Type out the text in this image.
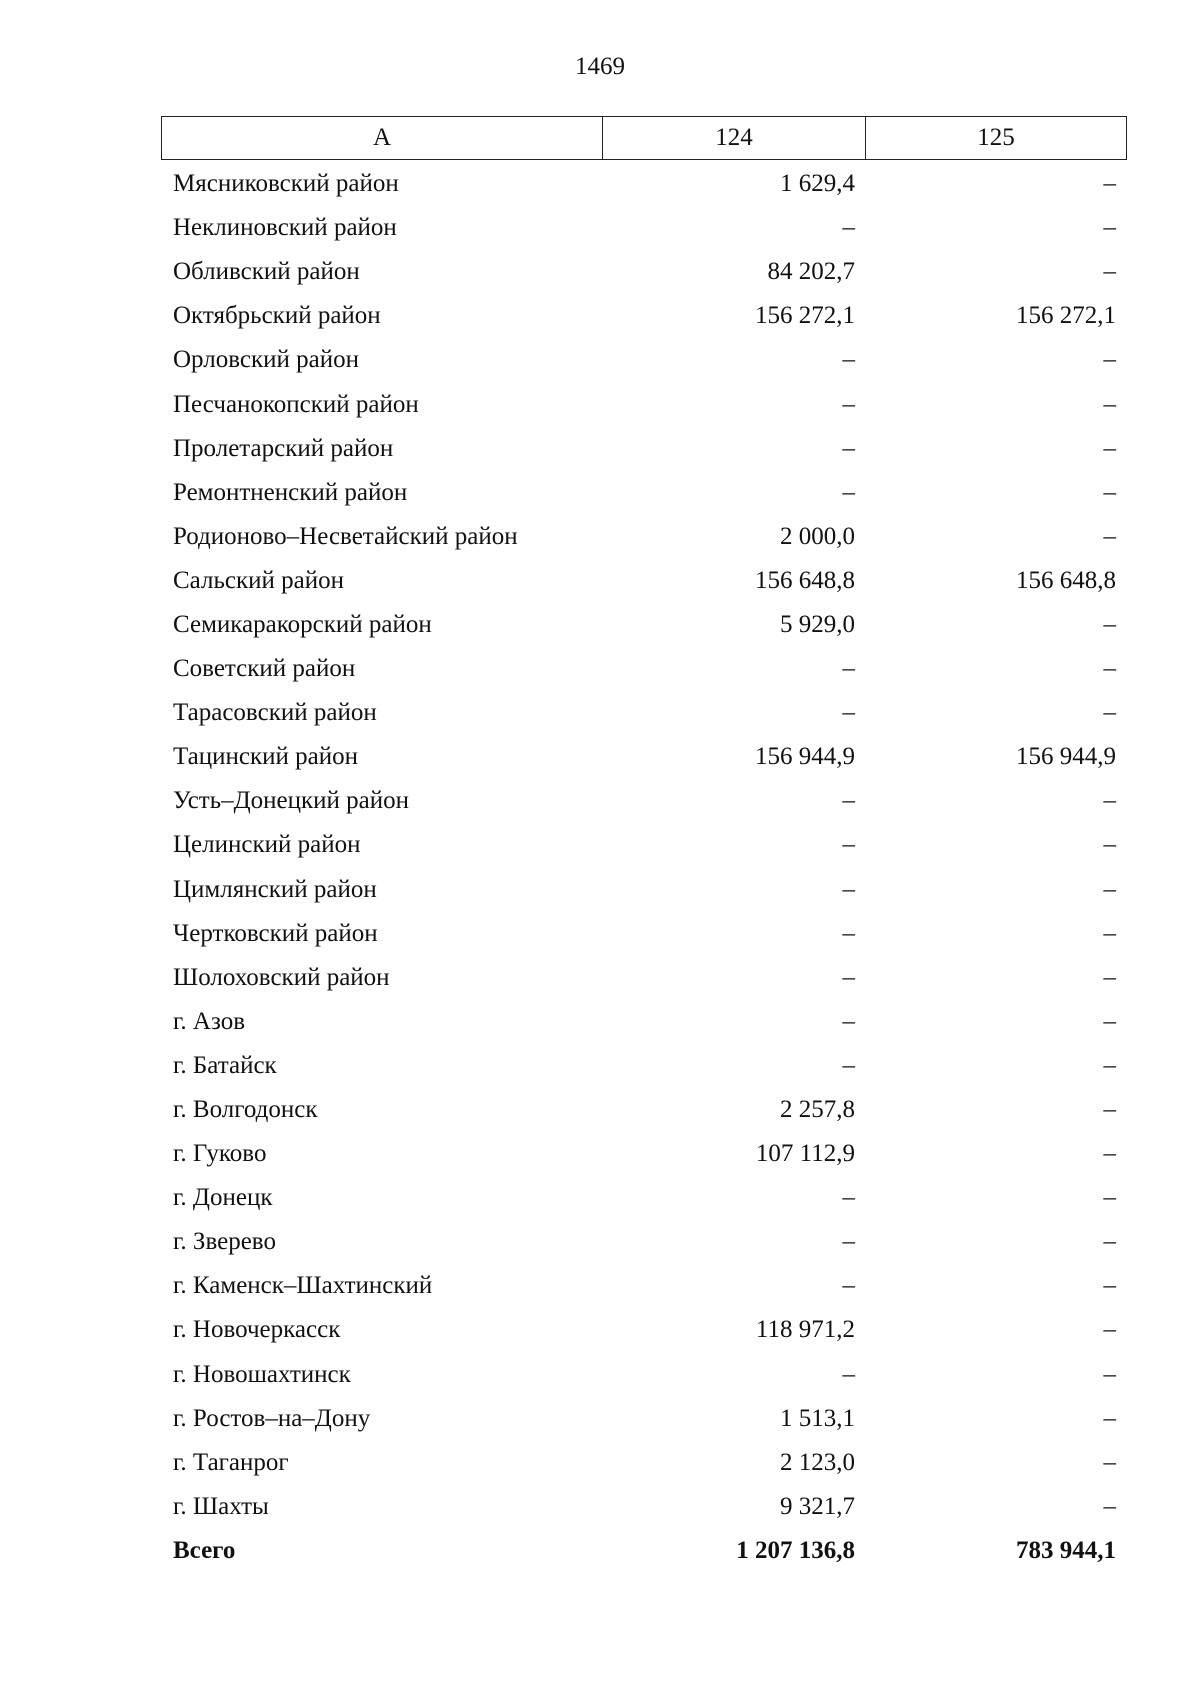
1469
А	124	125
Мясниковский район	1 629,4	–
Неклиновский район	–	–
Обливский район	84 202,7	–
Октябрьский район	156 272,1	156 272,1
Орловский район	–	–
Песчанокопский район	–	–
Пролетарский район	–	–
Ремонтненский район	–	–
Родионово–Несветайский район	2 000,0	–
Сальский район	156 648,8	156 648,8
Семикаракорский район	5 929,0	–
Советский район	–	–
Тарасовский район	–	–
Тацинский район	156 944,9	156 944,9
Усть–Донецкий район	–	–
Целинский район	–	–
Цимлянский район	–	–
Чертковский район	–	–
Шолоховский район	–	–
г. Азов	–	–
г. Батайск	–	–
г. Волгодонск	2 257,8	–
г. Гуково	107 112,9	–
г. Донецк	–	–
г. Зверево	–	–
г. Каменск–Шахтинский	–	–
г. Новочеркасск	118 971,2	–
г. Новошахтинск	–	–
г. Ростов–на–Дону	1 513,1	–
г. Таганрог	2 123,0	–
г. Шахты	9 321,7	–
Всего	1 207 136,8	783 944,1
